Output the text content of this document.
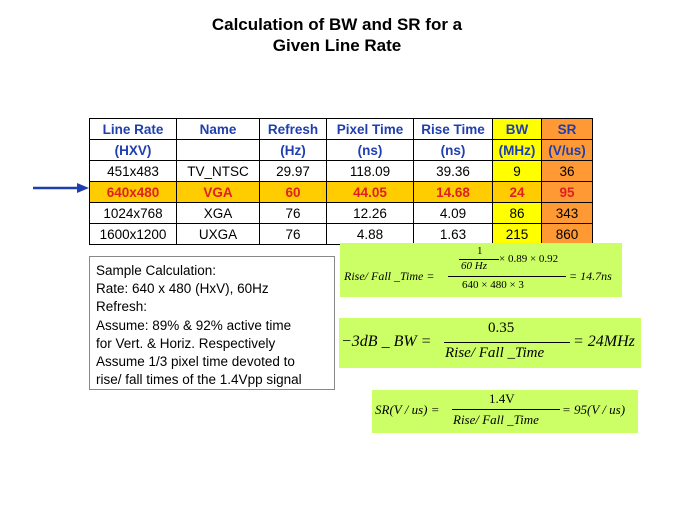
Calculation of BW and SR for a
Given Line Rate
Line Rate	Name	Refresh	Pixel Time	Rise Time	BW	SR
(HXV)		(Hz)	(ns)	(ns)	(MHz)	(V/us)
451x483	TV_NTSC	29.97	118.09	39.36	9	36
640x480	VGA	60	44.05	14.68	24	95
1024x768	XGA	76	12.26	4.09	86	343
1600x1200	UXGA	76	4.88	1.63	215	860
Sample Calculation:
Rate: 640 x 480 (HxV), 60Hz
Refresh:
Assume: 89% & 92% active time
for Vert. & Horiz. Respectively
Assume 1/3 pixel time devoted to
rise/ fall times of the 1.4Vpp signal
Rise/ Fall _Time =
1
60 Hz
× 0.89 × 0.92
640 × 480 × 3
= 14.7ns
−3dB _ BW =
0.35
Rise/ Fall _Time
= 24MHz
SR(V / us) =
1.4V
Rise/ Fall _Time
= 95(V / us)
